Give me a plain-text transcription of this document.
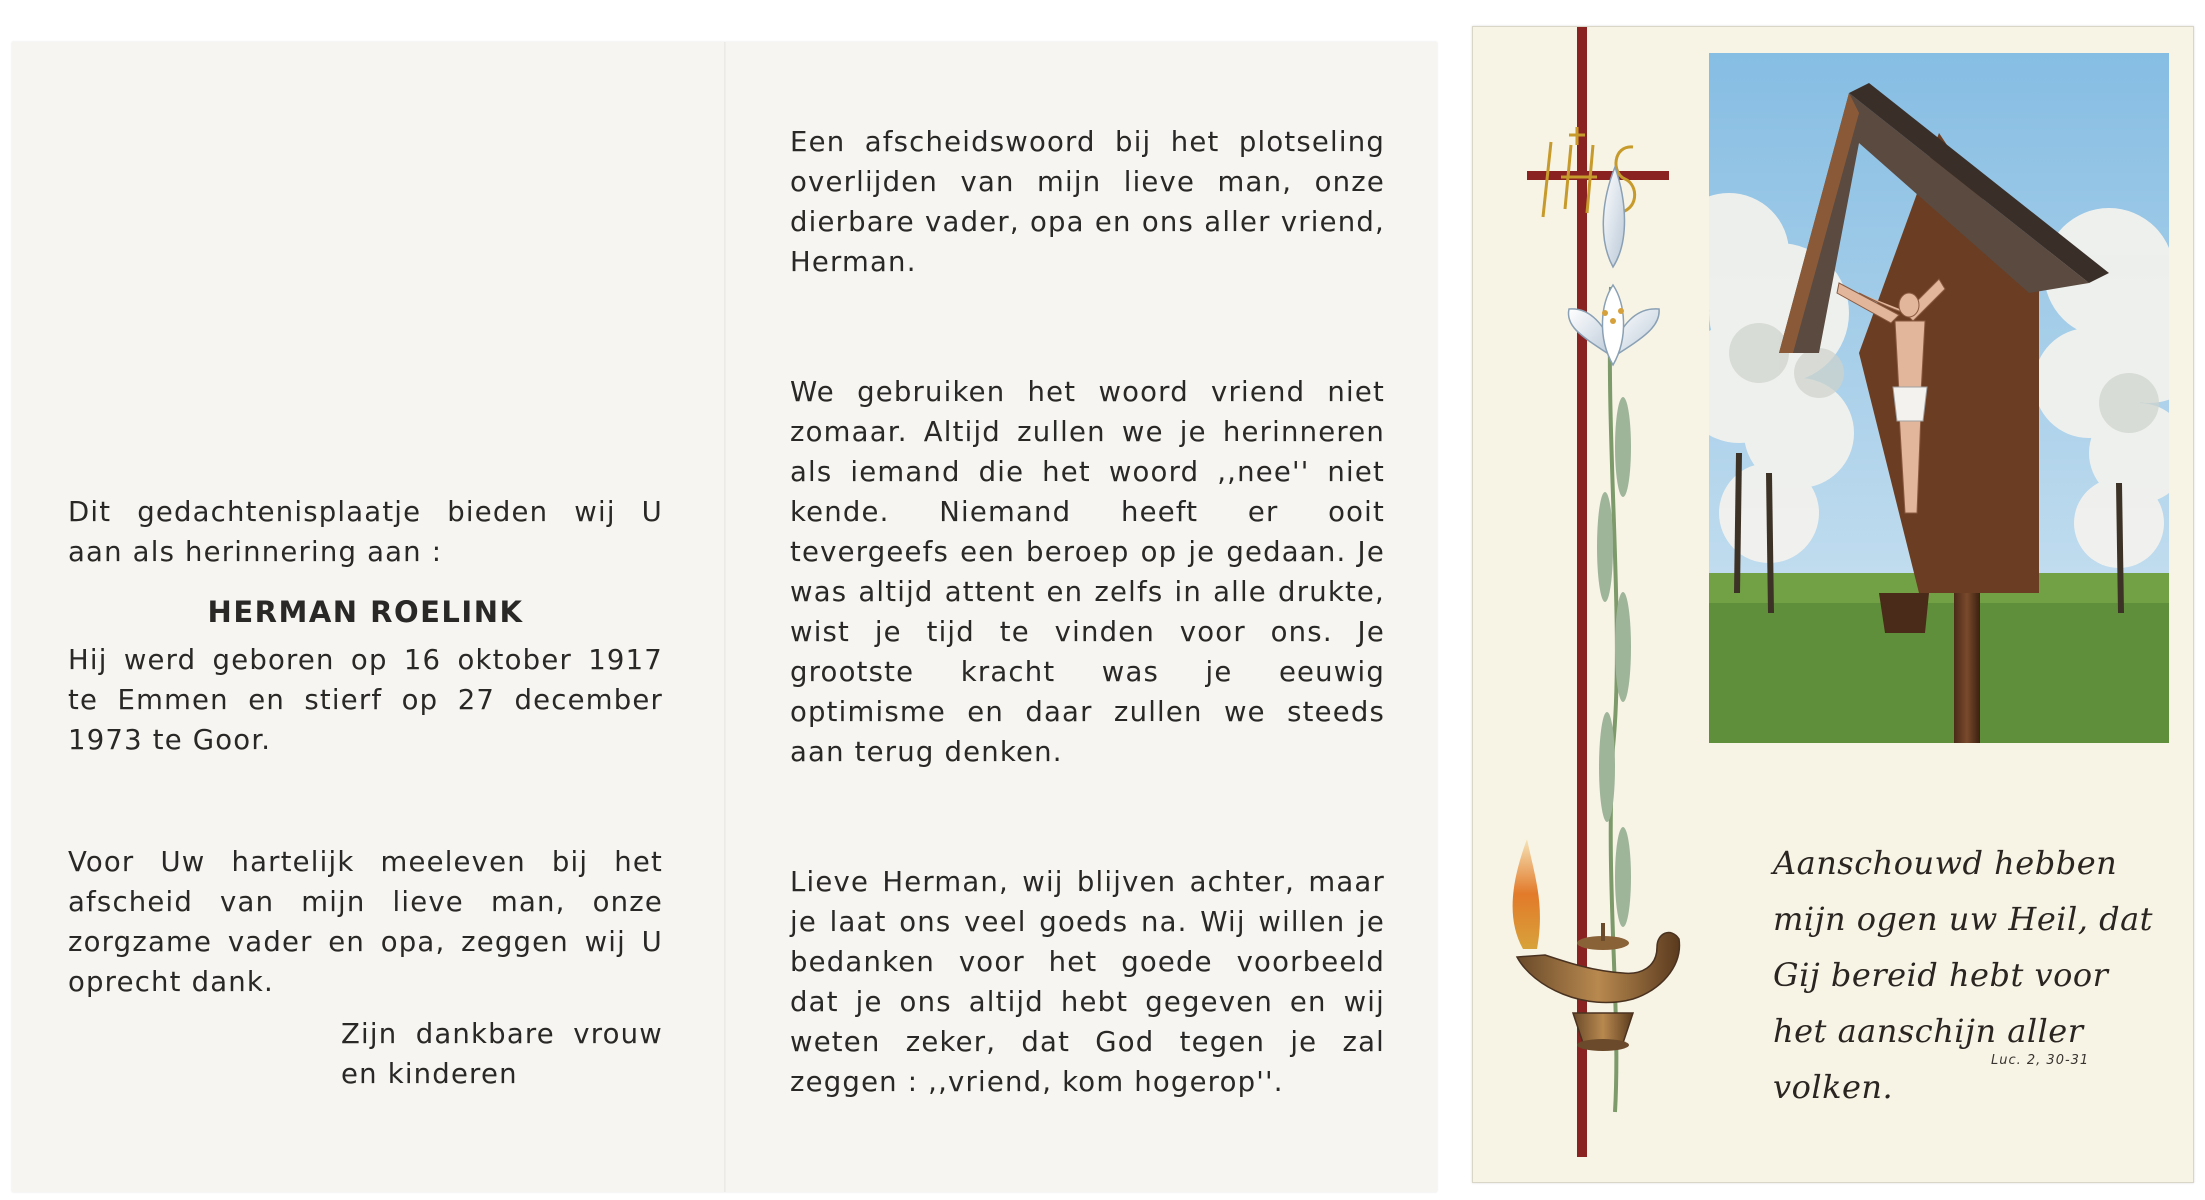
Dit gedachtenisplaatje bieden wij U aan als herinnering aan :

HERMAN ROELINK

Hij werd geboren op 16 oktober 1917 te Emmen en stierf op 27 december 1973 te Goor.

Voor Uw hartelijk meeleven bij het afscheid van mijn lieve man, onze zorgzame vader en opa, zeggen wij U oprecht dank.

Zijn dankbare vrouw en kinderen

Een afscheidswoord bij het plotseling overlijden van mijn lieve man, onze dierbare vader, opa en ons aller vriend, Herman.

We gebruiken het woord vriend niet zomaar. Altijd zullen we je herinneren als iemand die het woord ,,nee'' niet kende. Niemand heeft er ooit tevergeefs een beroep op je gedaan. Je was altijd attent en zelfs in alle drukte, wist je tijd te vinden voor ons. Je grootste kracht was je eeuwig optimisme en daar zullen we steeds aan terug denken.

Lieve Herman, wij blijven achter, maar je laat ons veel goeds na. Wij willen je bedanken voor het goede voorbeeld dat je ons altijd hebt gegeven en wij weten zeker, dat God tegen je zal zeggen : ,,vriend, kom hogerop''.

Aanschouwd hebben mijn ogen uw Heil, dat Gij bereid hebt voor het aanschijn aller volken.
Luc. 2, 30-31
